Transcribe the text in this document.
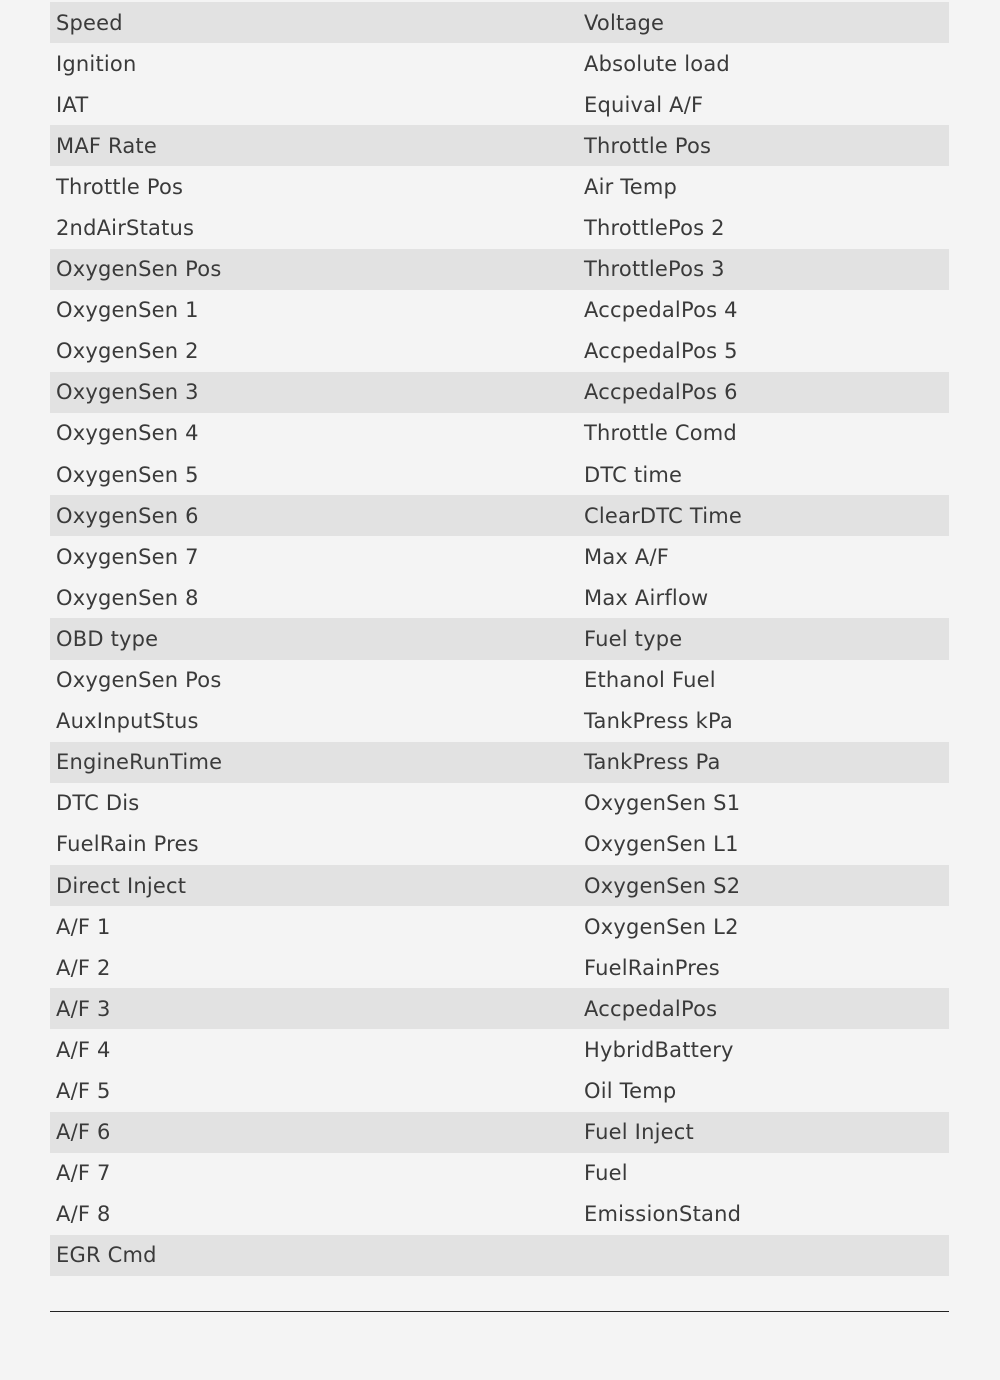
Speed	Voltage
Ignition	Absolute load
IAT	Equival A/F
MAF Rate	Throttle Pos
Throttle Pos	Air Temp
2ndAirStatus	ThrottlePos 2
OxygenSen Pos	ThrottlePos 3
OxygenSen 1	AccpedalPos 4
OxygenSen 2	AccpedalPos 5
OxygenSen 3	AccpedalPos 6
OxygenSen 4	Throttle Comd
OxygenSen 5	DTC time
OxygenSen 6	ClearDTC Time
OxygenSen 7	Max A/F
OxygenSen 8	Max Airflow
OBD type	Fuel type
OxygenSen Pos	Ethanol Fuel
AuxInputStus	TankPress kPa
EngineRunTime	TankPress Pa
DTC Dis	OxygenSen S1
FuelRain Pres	OxygenSen L1
Direct Inject	OxygenSen S2
A/F 1	OxygenSen L2
A/F 2	FuelRainPres
A/F 3	AccpedalPos
A/F 4	HybridBattery
A/F 5	Oil Temp
A/F 6	Fuel Inject
A/F 7	Fuel
A/F 8	EmissionStand
EGR Cmd
